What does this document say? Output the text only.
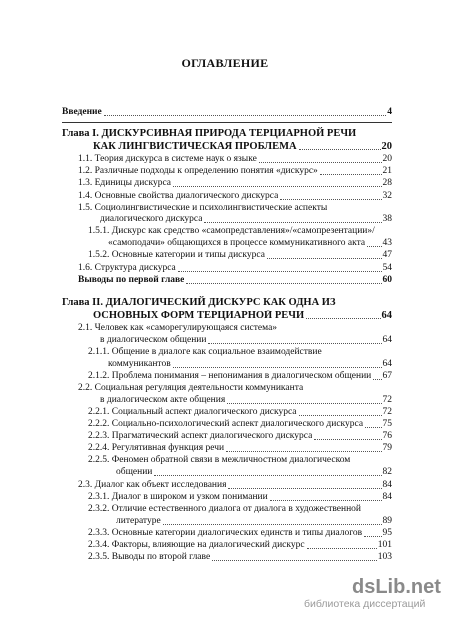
ОГЛАВЛЕНИЕ
Введение	4
Глава I. ДИСКУРСИВНАЯ ПРИРОДА ТЕРЦИАРНОЙ РЕЧИ
КАК ЛИНГВИСТИЧЕСКАЯ ПРОБЛЕМА	20
1.1. Теория дискурса в системе наук о языке	20
1.2. Различные подходы к определению понятия «дискурс»	21
1.3. Единицы дискурса	28
1.4. Основные свойства диалогического дискурса	32
1.5. Социолингвистические и психолингвистические аспекты
диалогического дискурса	38
1.5.1. Дискурс как средство «самопредставления»/«самопрезентации»/
«самоподачи» общающихся в процессе коммуникативного акта 43
1.5.2. Основные категории и типы дискурса	47
1.6. Структура дискурса	54
Выводы по первой главе	60
Глава II. ДИАЛОГИЧЕСКИЙ ДИСКУРС КАК ОДНА ИЗ
ОСНОВНЫХ ФОРМ ТЕРЦИАРНОЙ РЕЧИ	64
2.1. Человек как «саморегулирующаяся система»
в диалогическом общении	64
2.1.1. Общение в диалоге как социальное взаимодействие
коммуникантов	64
2.1.2. Проблема понимания – непонимания в диалогическом общении 67
2.2. Социальная регуляция деятельности коммуниканта
в диалогическом акте общения	72
2.2.1. Социальный аспект диалогического дискурса	72
2.2.2. Социально-психологический аспект диалогического дискурса 75
2.2.3. Прагматический аспект диалогического дискурса	76
2.2.4. Регулятивная функция речи	79
2.2.5. Феномен обратной связи в межличностном диалогическом
общении	82
2.3. Диалог как объект исследования	84
2.3.1. Диалог в широком и узком понимании	84
2.3.2. Отличие естественного диалога от диалога в художественной
литературе	89
2.3.3. Основные категории диалогических единств и типы диалогов 95
2.3.4. Факторы, влияющие на диалогический дискурс	101
2.3.5. Выводы по второй главе	103
dsLib.net
библиотека диссертаций
